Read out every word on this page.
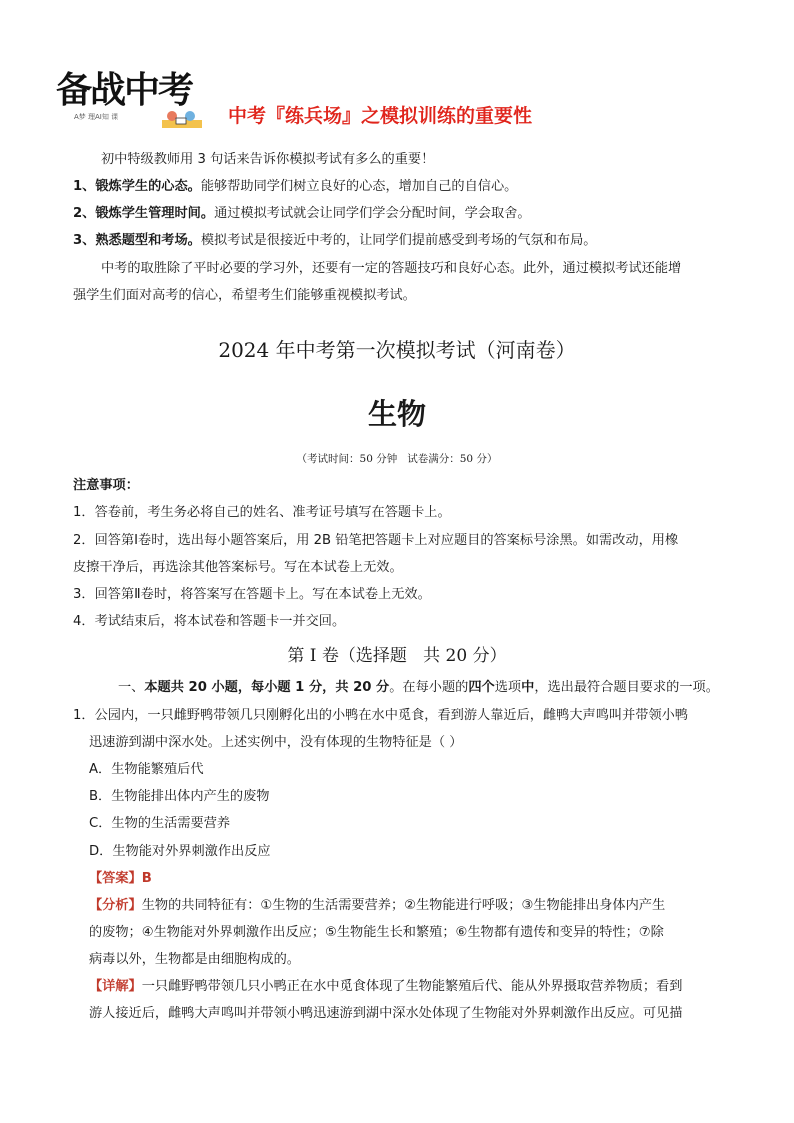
备战中考
A梦 理AI知 课	中考『练兵场』之模拟训练的重要性
初中特级教师用 3 句话来告诉你模拟考试有多么的重要！
1、锻炼学生的心态。能够帮助同学们树立良好的心态，增加自己的自信心。
2、锻炼学生管理时间。通过模拟考试就会让同学们学会分配时间，学会取舍。
3、熟悉题型和考场。模拟考试是很接近中考的，让同学们提前感受到考场的气氛和布局。
中考的取胜除了平时必要的学习外，还要有一定的答题技巧和良好心态。此外，通过模拟考试还能增
强学生们面对高考的信心，希望考生们能够重视模拟考试。
2024 年中考第一次模拟考试（河南卷）
生物
（考试时间：50 分钟   试卷满分：50 分）
注意事项：
1．答卷前，考生务必将自己的姓名、准考证号填写在答题卡上。
2．回答第Ⅰ卷时，选出每小题答案后，用 2B 铅笔把答题卡上对应题目的答案标号涂黑。如需改动，用橡
皮擦干净后，再选涂其他答案标号。写在本试卷上无效。
3．回答第Ⅱ卷时，将答案写在答题卡上。写在本试卷上无效。
4．考试结束后，将本试卷和答题卡一并交回。
第 I 卷（选择题   共 20 分）
一、本题共 20 小题，每小题 1 分，共 20 分。在每小题的四个选项中，选出最符合题目要求的一项。
1．公园内，一只雌野鸭带领几只刚孵化出的小鸭在水中觅食，看到游人靠近后，雌鸭大声鸣叫并带领小鸭
迅速游到湖中深水处。上述实例中，没有体现的生物特征是（ ）
A．生物能繁殖后代
B．生物能排出体内产生的废物
C．生物的生活需要营养
D．生物能对外界刺激作出反应
【答案】B
【分析】生物的共同特征有：①生物的生活需要营养；②生物能进行呼吸；③生物能排出身体内产生
的废物；④生物能对外界刺激作出反应；⑤生物能生长和繁殖；⑥生物都有遗传和变异的特性；⑦除
病毒以外，生物都是由细胞构成的。
【详解】一只雌野鸭带领几只小鸭正在水中觅食体现了生物能繁殖后代、能从外界摄取营养物质；看到
游人接近后，雌鸭大声鸣叫并带领小鸭迅速游到湖中深水处体现了生物能对外界刺激作出反应。可见描
